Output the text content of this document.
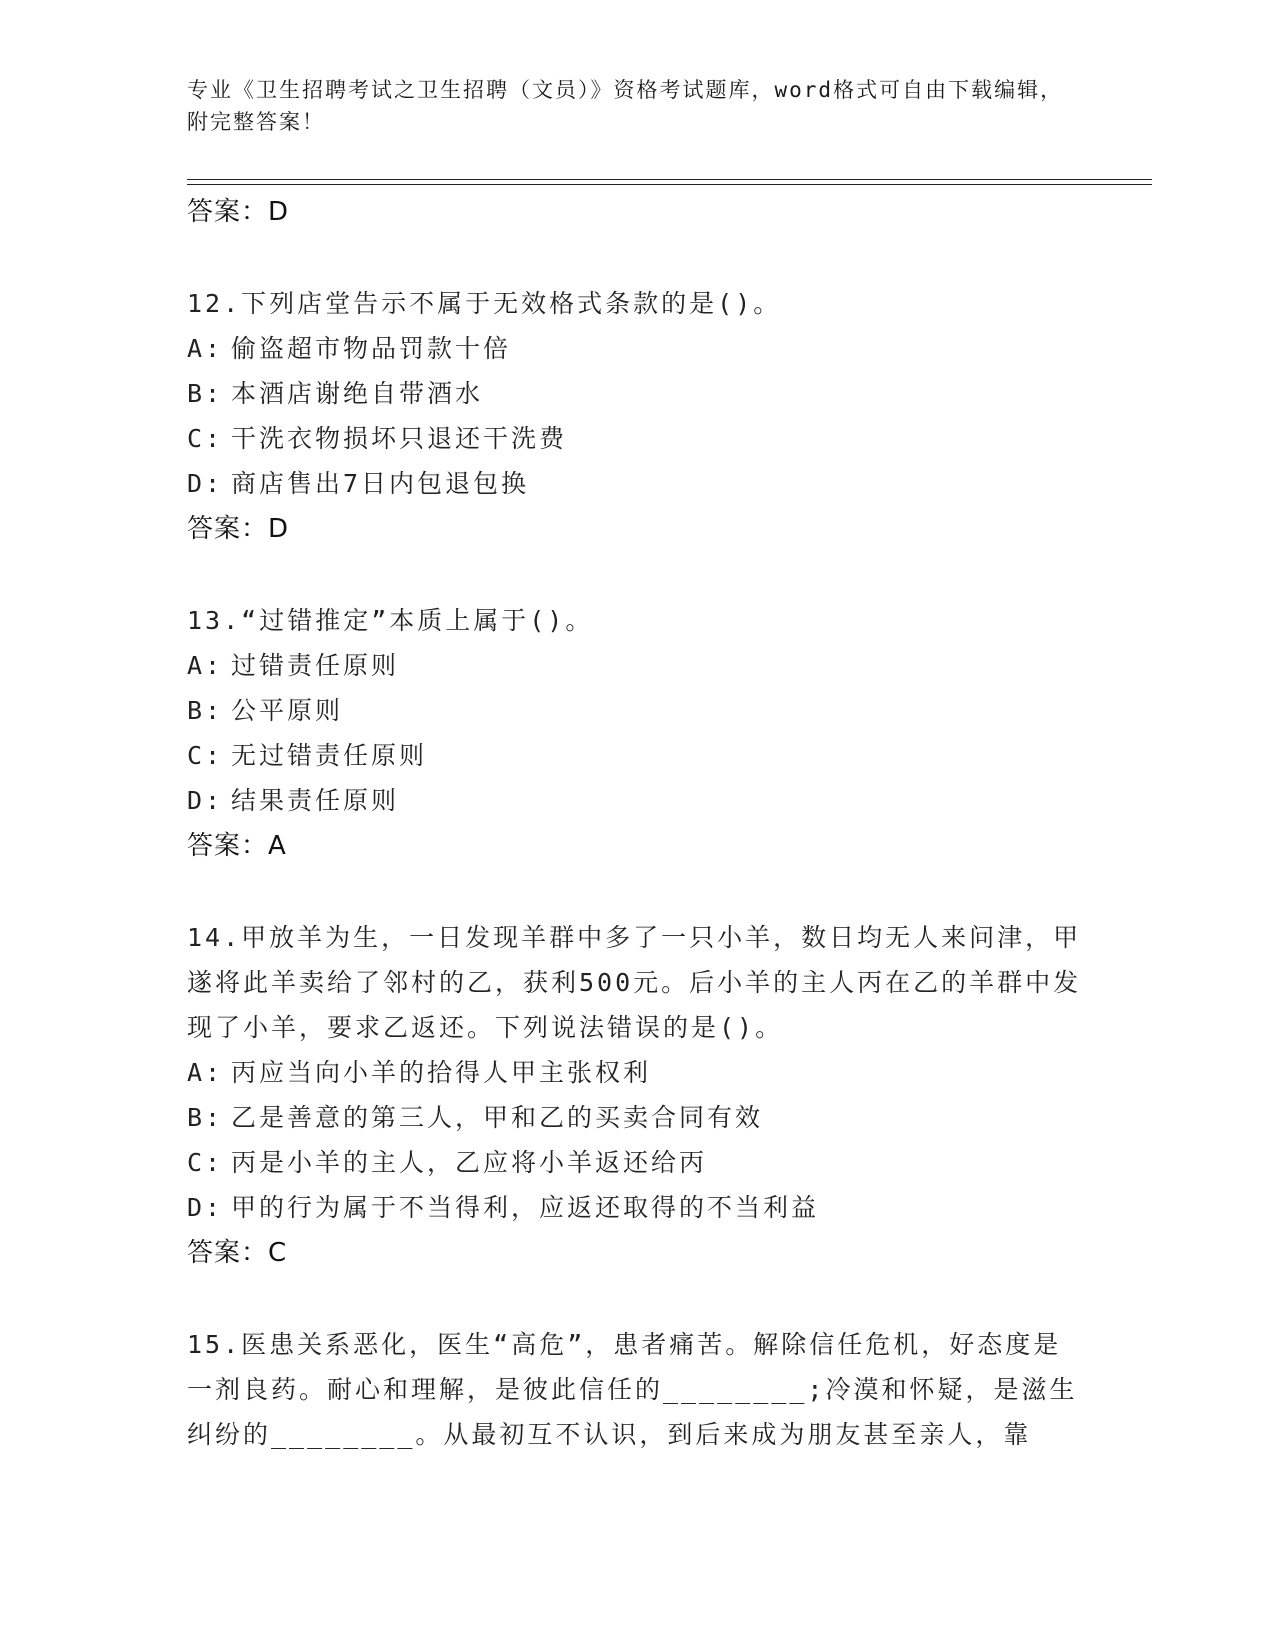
专业《卫生招聘考试之卫生招聘（文员）》资格考试题库，word格式可自由下载编辑，附完整答案！
答案：D
12.下列店堂告示不属于无效格式条款的是()。
A: 偷盗超市物品罚款十倍
B: 本酒店谢绝自带酒水
C: 干洗衣物损坏只退还干洗费
D: 商店售出7日内包退包换
答案：D
13.“过错推定”本质上属于()。
A: 过错责任原则
B: 公平原则
C: 无过错责任原则
D: 结果责任原则
答案：A
14.甲放羊为生，一日发现羊群中多了一只小羊，数日均无人来问津，甲遂将此羊卖给了邻村的乙，获利500元。后小羊的主人丙在乙的羊群中发现了小羊，要求乙返还。下列说法错误的是()。
A: 丙应当向小羊的拾得人甲主张权利
B: 乙是善意的第三人，甲和乙的买卖合同有效
C: 丙是小羊的主人，乙应将小羊返还给丙
D: 甲的行为属于不当得利，应返还取得的不当利益
答案：C
15.医患关系恶化，医生“高危”，患者痛苦。解除信任危机，好态度是一剂良药。耐心和理解，是彼此信任的________;冷漠和怀疑，是滋生纠纷的________。从最初互不认识，到后来成为朋友甚至亲人，靠
